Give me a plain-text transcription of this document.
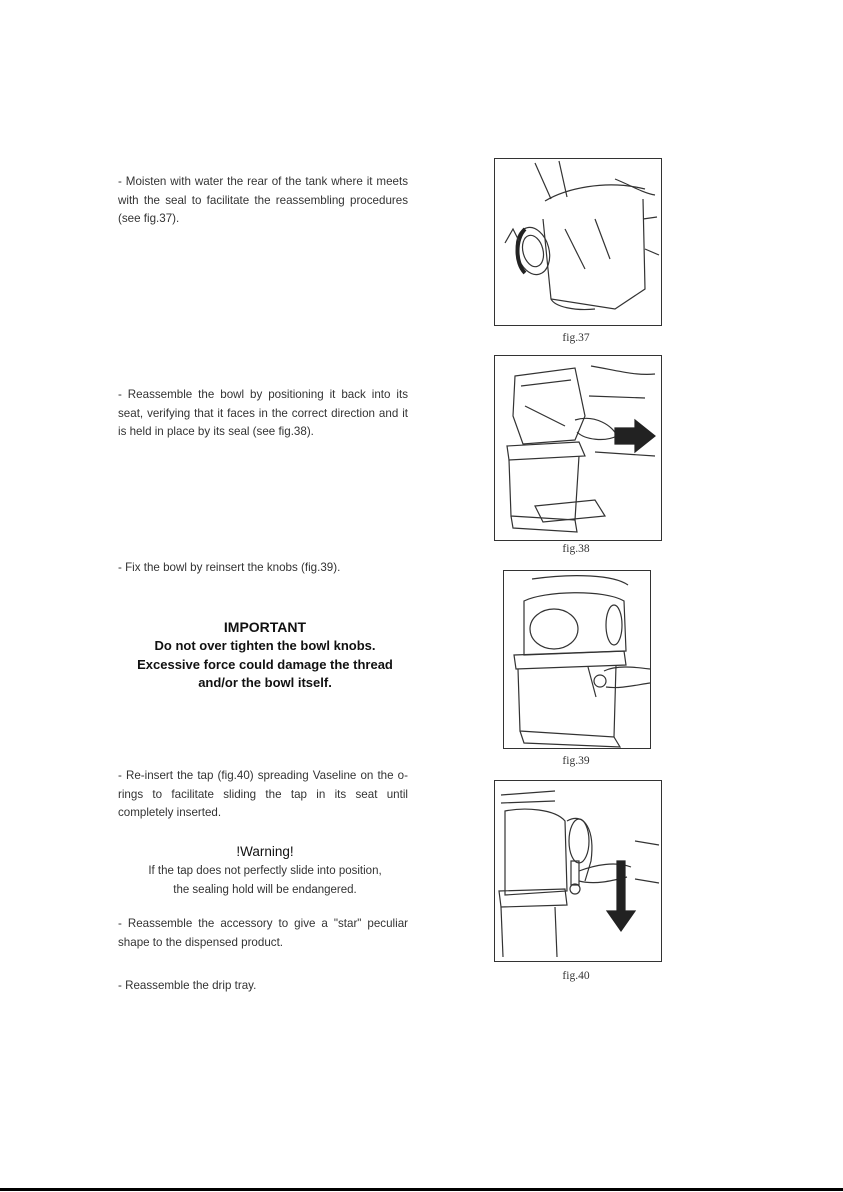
- Moisten with water the rear of the tank where it meets with the seal to facilitate the reassembling procedures (see fig.37).

- Reassemble the bowl by positioning it back into its seat, verifying that it faces in the correct direction and it is held in place by its seal (see fig.38).

- Fix the bowl by reinsert the knobs (fig.39).

IMPORTANT
Do not over tighten the bowl knobs.
Excessive force could damage the thread
and/or the bowl itself.

- Re-insert the tap (fig.40) spreading Vaseline on the o-rings to facilitate sliding the tap in its seat until completely inserted.

!Warning!
If the tap does not perfectly slide into position,
the sealing hold will be endangered.

- Reassemble the accessory to give a "star" peculiar shape to the dispensed product.

- Reassemble the drip tray.

fig.37
fig.38
fig.39
fig.40
